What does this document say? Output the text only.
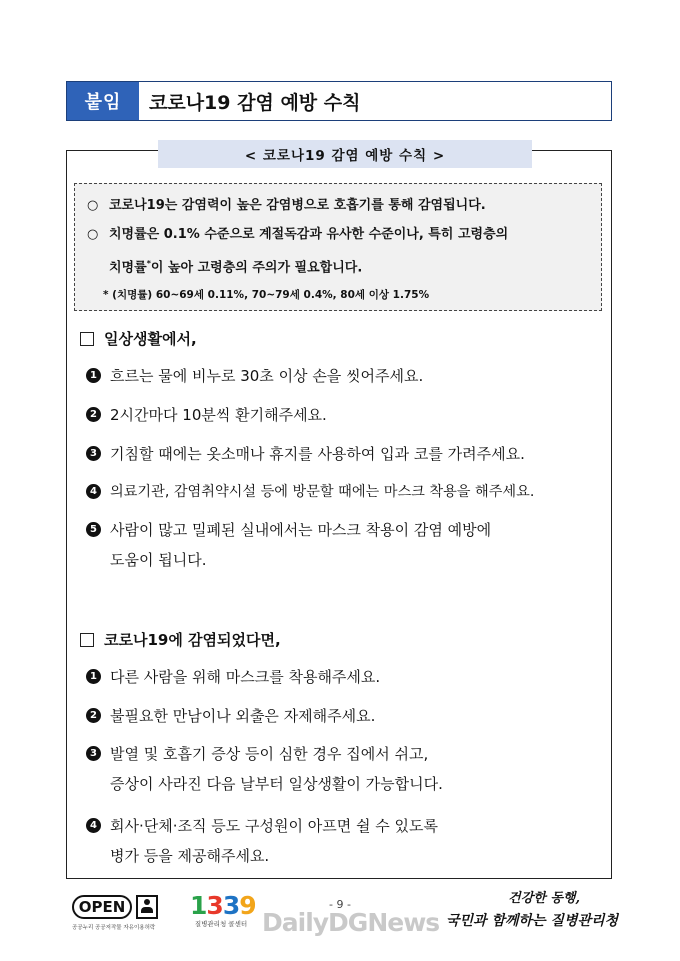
붙임	코로나19 감염 예방 수칙
< 코로나19 감염 예방 수칙 >
○ 코로나19는 감염력이 높은 감염병으로 호흡기를 통해 감염됩니다.
○ 치명률은 0.1% 수준으로 계절독감과 유사한 수준이나, 특히 고령층의
치명률*이 높아 고령층의 주의가 필요합니다.
* (치명률) 60~69세 0.11%, 70~79세 0.4%, 80세 이상 1.75%
일상생활에서,
1 흐르는 물에 비누로 30초 이상 손을 씻어주세요.
2 2시간마다 10분씩 환기해주세요.
3 기침할 때에는 옷소매나 휴지를 사용하여 입과 코를 가려주세요.
4 의료기관, 감염취약시설 등에 방문할 때에는 마스크 착용을 해주세요.
5 사람이 많고 밀폐된 실내에서는 마스크 착용이 감염 예방에
도움이 됩니다.
코로나19에 감염되었다면,
1 다른 사람을 위해 마스크를 착용해주세요.
2 불필요한 만남이나 외출은 자제해주세요.
3 발열 및 호흡기 증상 등이 심한 경우 집에서 쉬고,
증상이 사라진 다음 날부터 일상생활이 가능합니다.
4 회사·단체·조직 등도 구성원이 아프면 쉴 수 있도록
병가 등을 제공해주세요.
- 9 -
OPEN
공공누리 공공저작물 자유이용허락
1339
질병관리청 콜센터 DailyDGNews
건강한 동행,
국민과 함께하는 질병관리청
